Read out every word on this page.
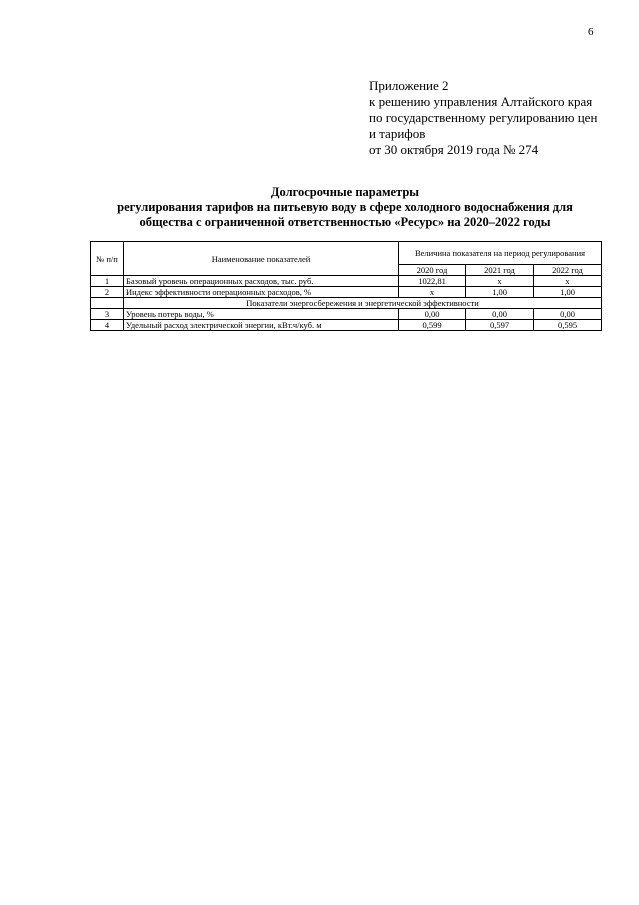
6
Приложение 2
к решению управления Алтайского края
по государственному регулированию цен
и тарифов
от 30 октября 2019 года № 274
Долгосрочные параметры
регулирования тарифов на питьевую воду в сфере холодного водоснабжения для
общества с ограниченной ответственностью «Ресурс» на 2020–2022 годы
№ п/п	Наименование показателей	Величина показателя на период регулирования		
		2020 год	2021 год	2022 год
1	Базовый уровень операционных расходов, тыс. руб.	1022,81	x	x
2	Индекс эффективности операционных расходов, %	x	1,00	1,00
	Показатели энергосбережения и энергетической эффективности			
3	Уровень потерь воды, %	0,00	0,00	0,00
4	Удельный расход электрической энергии, кВт.ч/куб. м	0,599	0,597	0,595
